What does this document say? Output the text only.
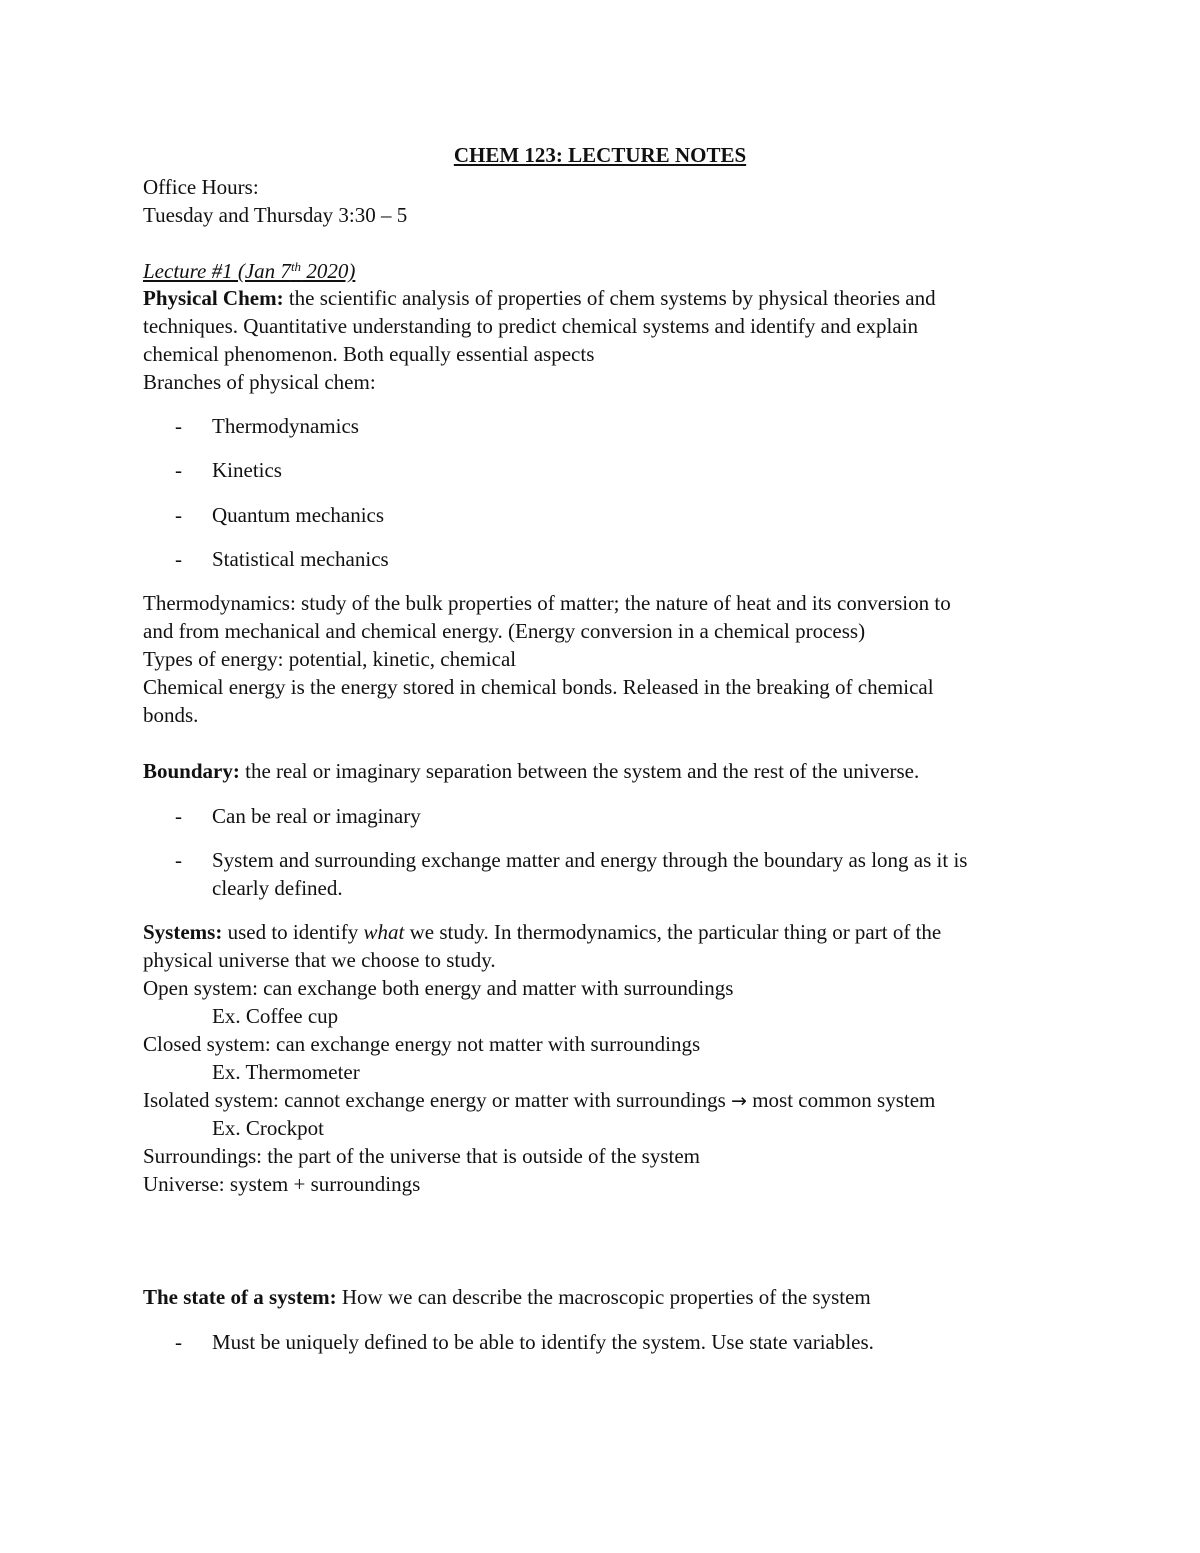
CHEM 123: LECTURE NOTES
Office Hours:
Tuesday and Thursday 3:30 – 5
Lecture #1 (Jan 7th 2020)
Physical Chem: the scientific analysis of properties of chem systems by physical theories and
techniques. Quantitative understanding to predict chemical systems and identify and explain
chemical phenomenon. Both equally essential aspects
Branches of physical chem:
- Thermodynamics
- Kinetics
- Quantum mechanics
- Statistical mechanics
Thermodynamics: study of the bulk properties of matter; the nature of heat and its conversion to
and from mechanical and chemical energy. (Energy conversion in a chemical process)
Types of energy: potential, kinetic, chemical
Chemical energy is the energy stored in chemical bonds. Released in the breaking of chemical
bonds.
Boundary: the real or imaginary separation between the system and the rest of the universe.
- Can be real or imaginary
- System and surrounding exchange matter and energy through the boundary as long as it is
clearly defined.
Systems: used to identify what we study. In thermodynamics, the particular thing or part of the
physical universe that we choose to study.
Open system: can exchange both energy and matter with surroundings
Ex. Coffee cup
Closed system: can exchange energy not matter with surroundings
Ex. Thermometer
Isolated system: cannot exchange energy or matter with surroundings → most common system
Ex. Crockpot
Surroundings: the part of the universe that is outside of the system
Universe: system + surroundings
The state of a system: How we can describe the macroscopic properties of the system
- Must be uniquely defined to be able to identify the system. Use state variables.
